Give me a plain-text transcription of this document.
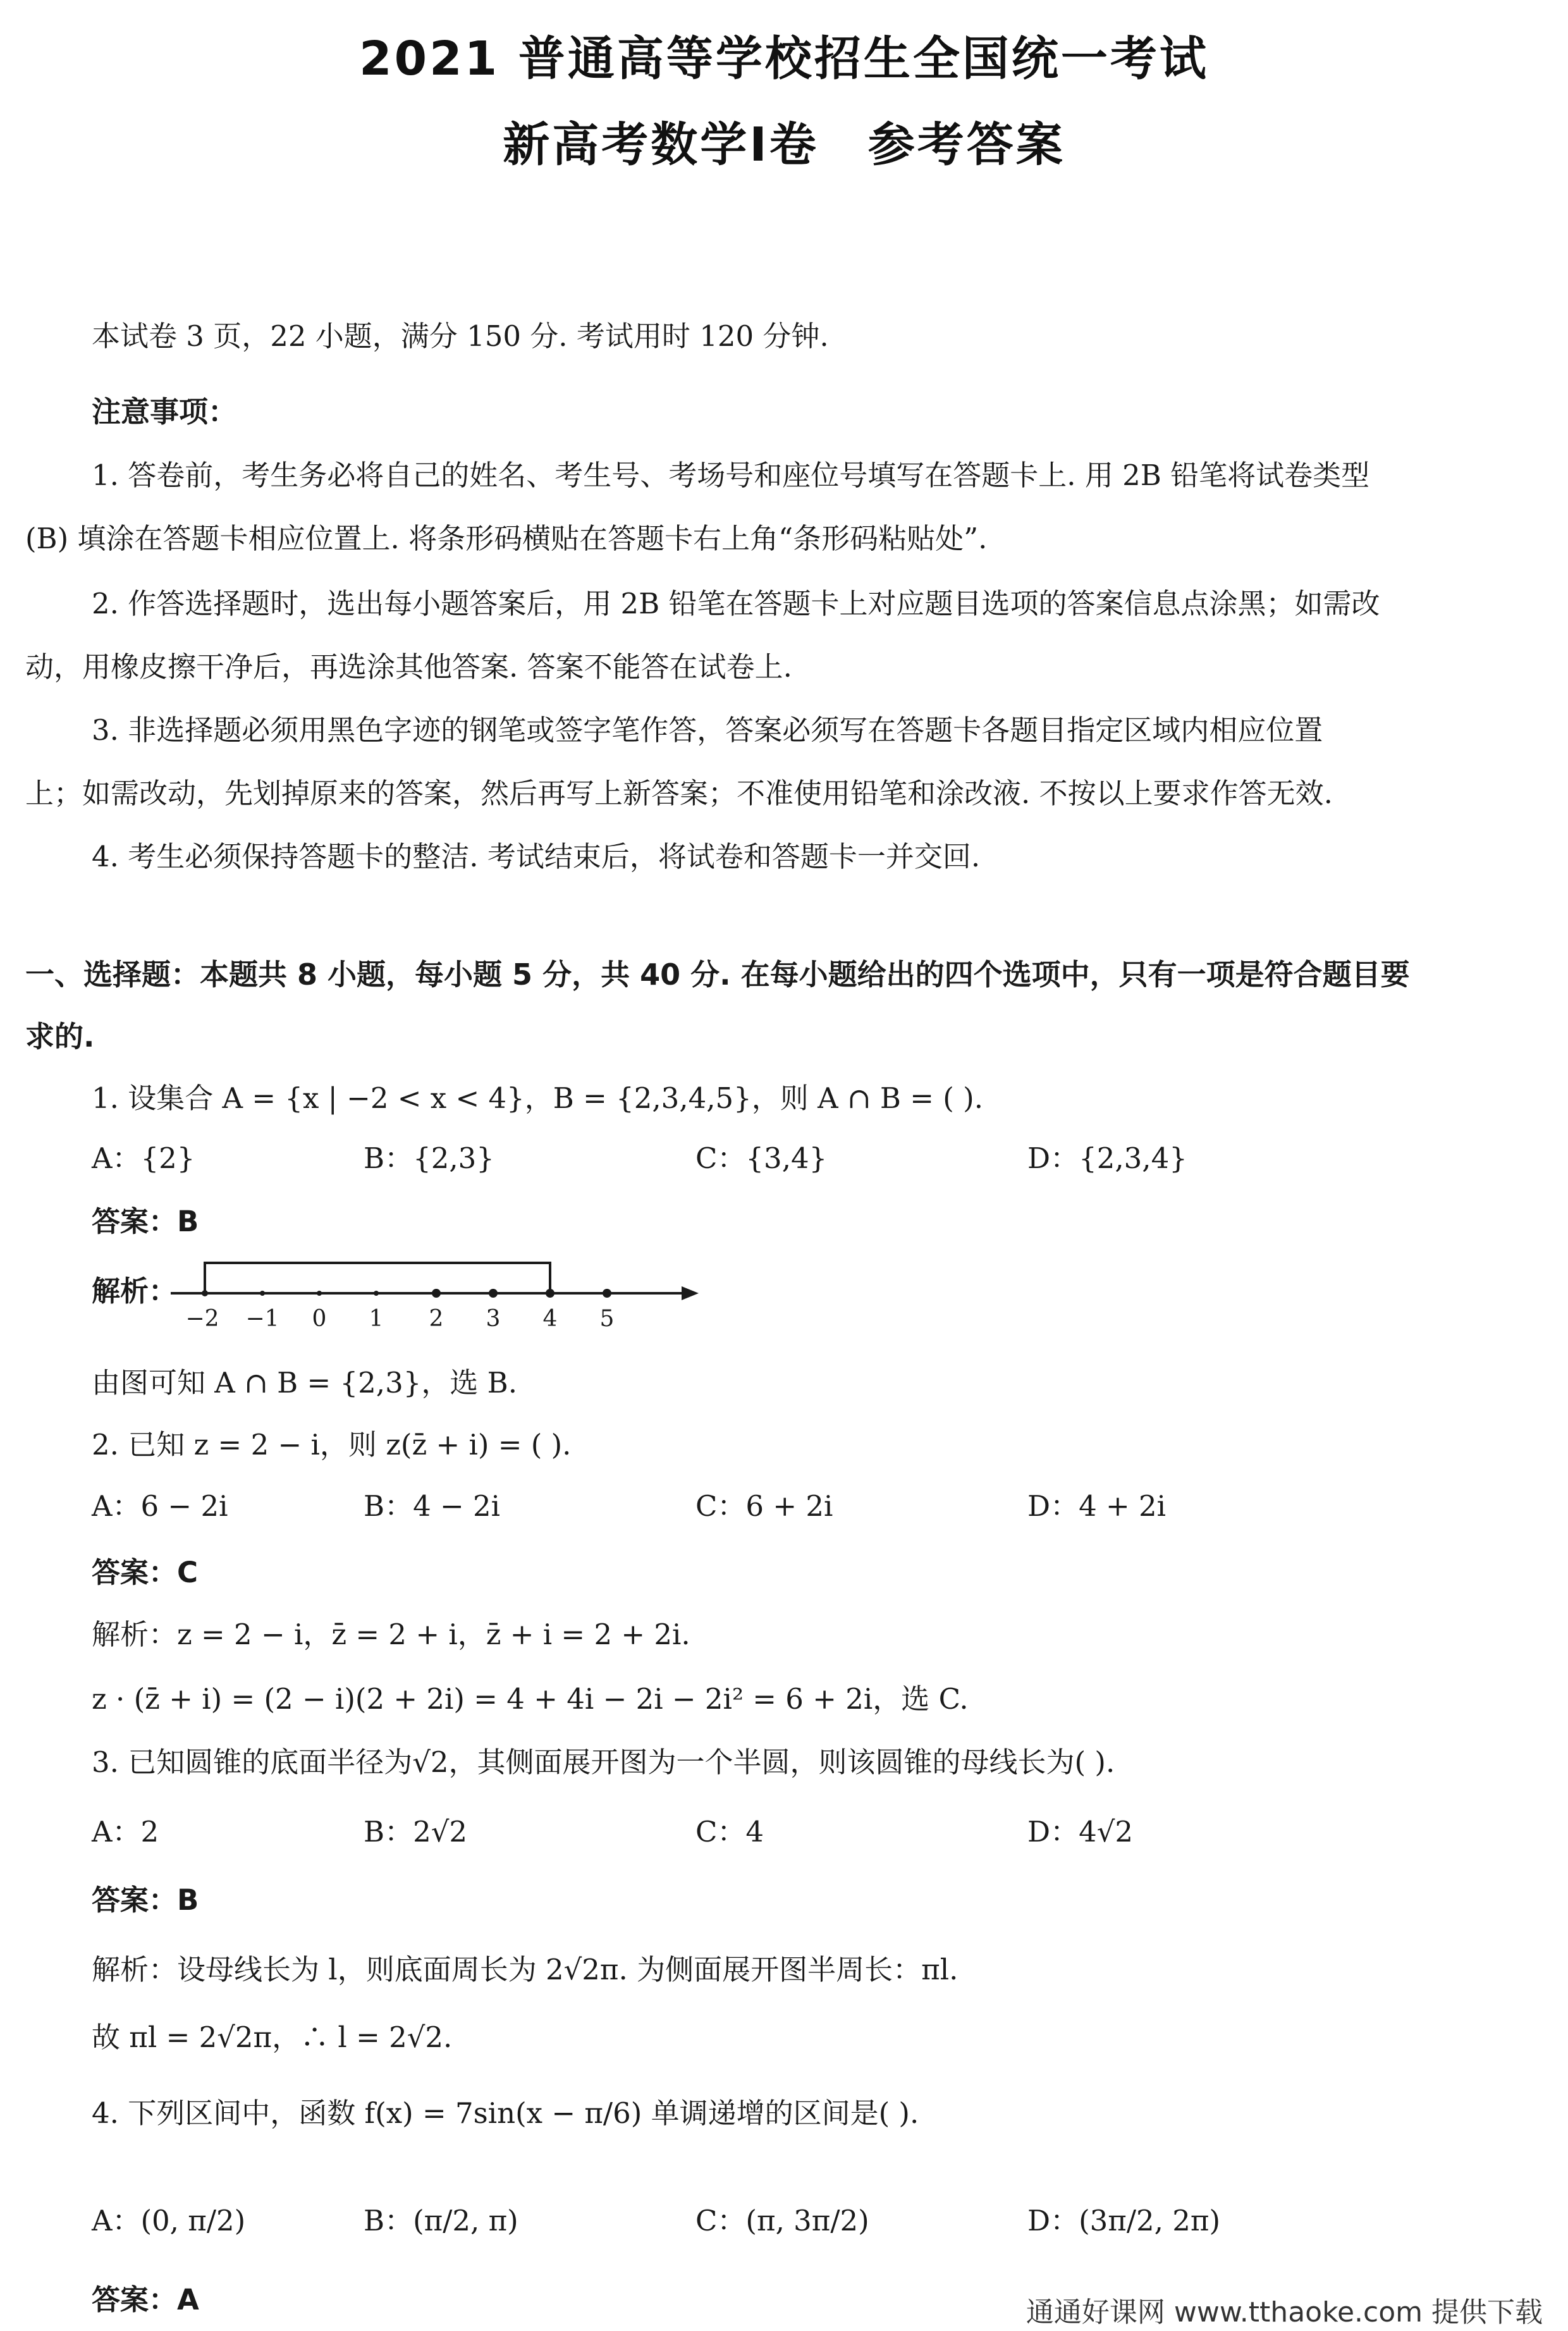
2021 普通高等学校招生全国统一考试
新高考数学Ⅰ卷　参考答案
本试卷 3 页，22 小题，满分 150 分. 考试用时 120 分钟.
注意事项：
1. 答卷前，考生务必将自己的姓名、考生号、考场号和座位号填写在答题卡上. 用 2B 铅笔将试卷类型
(B) 填涂在答题卡相应位置上. 将条形码横贴在答题卡右上角“条形码粘贴处”.
2. 作答选择题时，选出每小题答案后，用 2B 铅笔在答题卡上对应题目选项的答案信息点涂黑；如需改
动，用橡皮擦干净后，再选涂其他答案. 答案不能答在试卷上.
3. 非选择题必须用黑色字迹的钢笔或签字笔作答，答案必须写在答题卡各题目指定区域内相应位置
上；如需改动，先划掉原来的答案，然后再写上新答案；不准使用铅笔和涂改液. 不按以上要求作答无效.
4. 考生必须保持答题卡的整洁. 考试结束后，将试卷和答题卡一并交回.
一、选择题：本题共 8 小题，每小题 5 分，共 40 分. 在每小题给出的四个选项中，只有一项是符合题目要
求的.
1. 设集合 A = {x | −2 < x < 4}，B = {2,3,4,5}，则 A ∩ B = ( ).
A：{2}	B：{2,3}	C：{3,4}	D：{2,3,4}
答案：B
解析：
−2 −1 0 1 2 3 4 5
由图可知 A ∩ B = {2,3}，选 B.
2. 已知 z = 2 − i，则 z(z̄ + i) = ( ).
A：6 − 2i	B：4 − 2i	C：6 + 2i	D：4 + 2i
答案：C
解析：z = 2 − i，z̄ = 2 + i，z̄ + i = 2 + 2i.
z · (z̄ + i) = (2 − i)(2 + 2i) = 4 + 4i − 2i − 2i² = 6 + 2i，选 C.
3. 已知圆锥的底面半径为√2，其侧面展开图为一个半圆，则该圆锥的母线长为( ).
A：2	B：2√2	C：4	D：4√2
答案：B
解析：设母线长为 l，则底面周长为 2√2π. 为侧面展开图半周长：πl.
故 πl = 2√2π，∴ l = 2√2.
4. 下列区间中，函数 f(x) = 7sin(x − π/6) 单调递增的区间是( ).
A：(0, π/2)	B：(π/2, π)	C：(π, 3π/2)	D：(3π/2, 2π)
答案：A	通通好课网 www.tthaoke.com 提供下载
